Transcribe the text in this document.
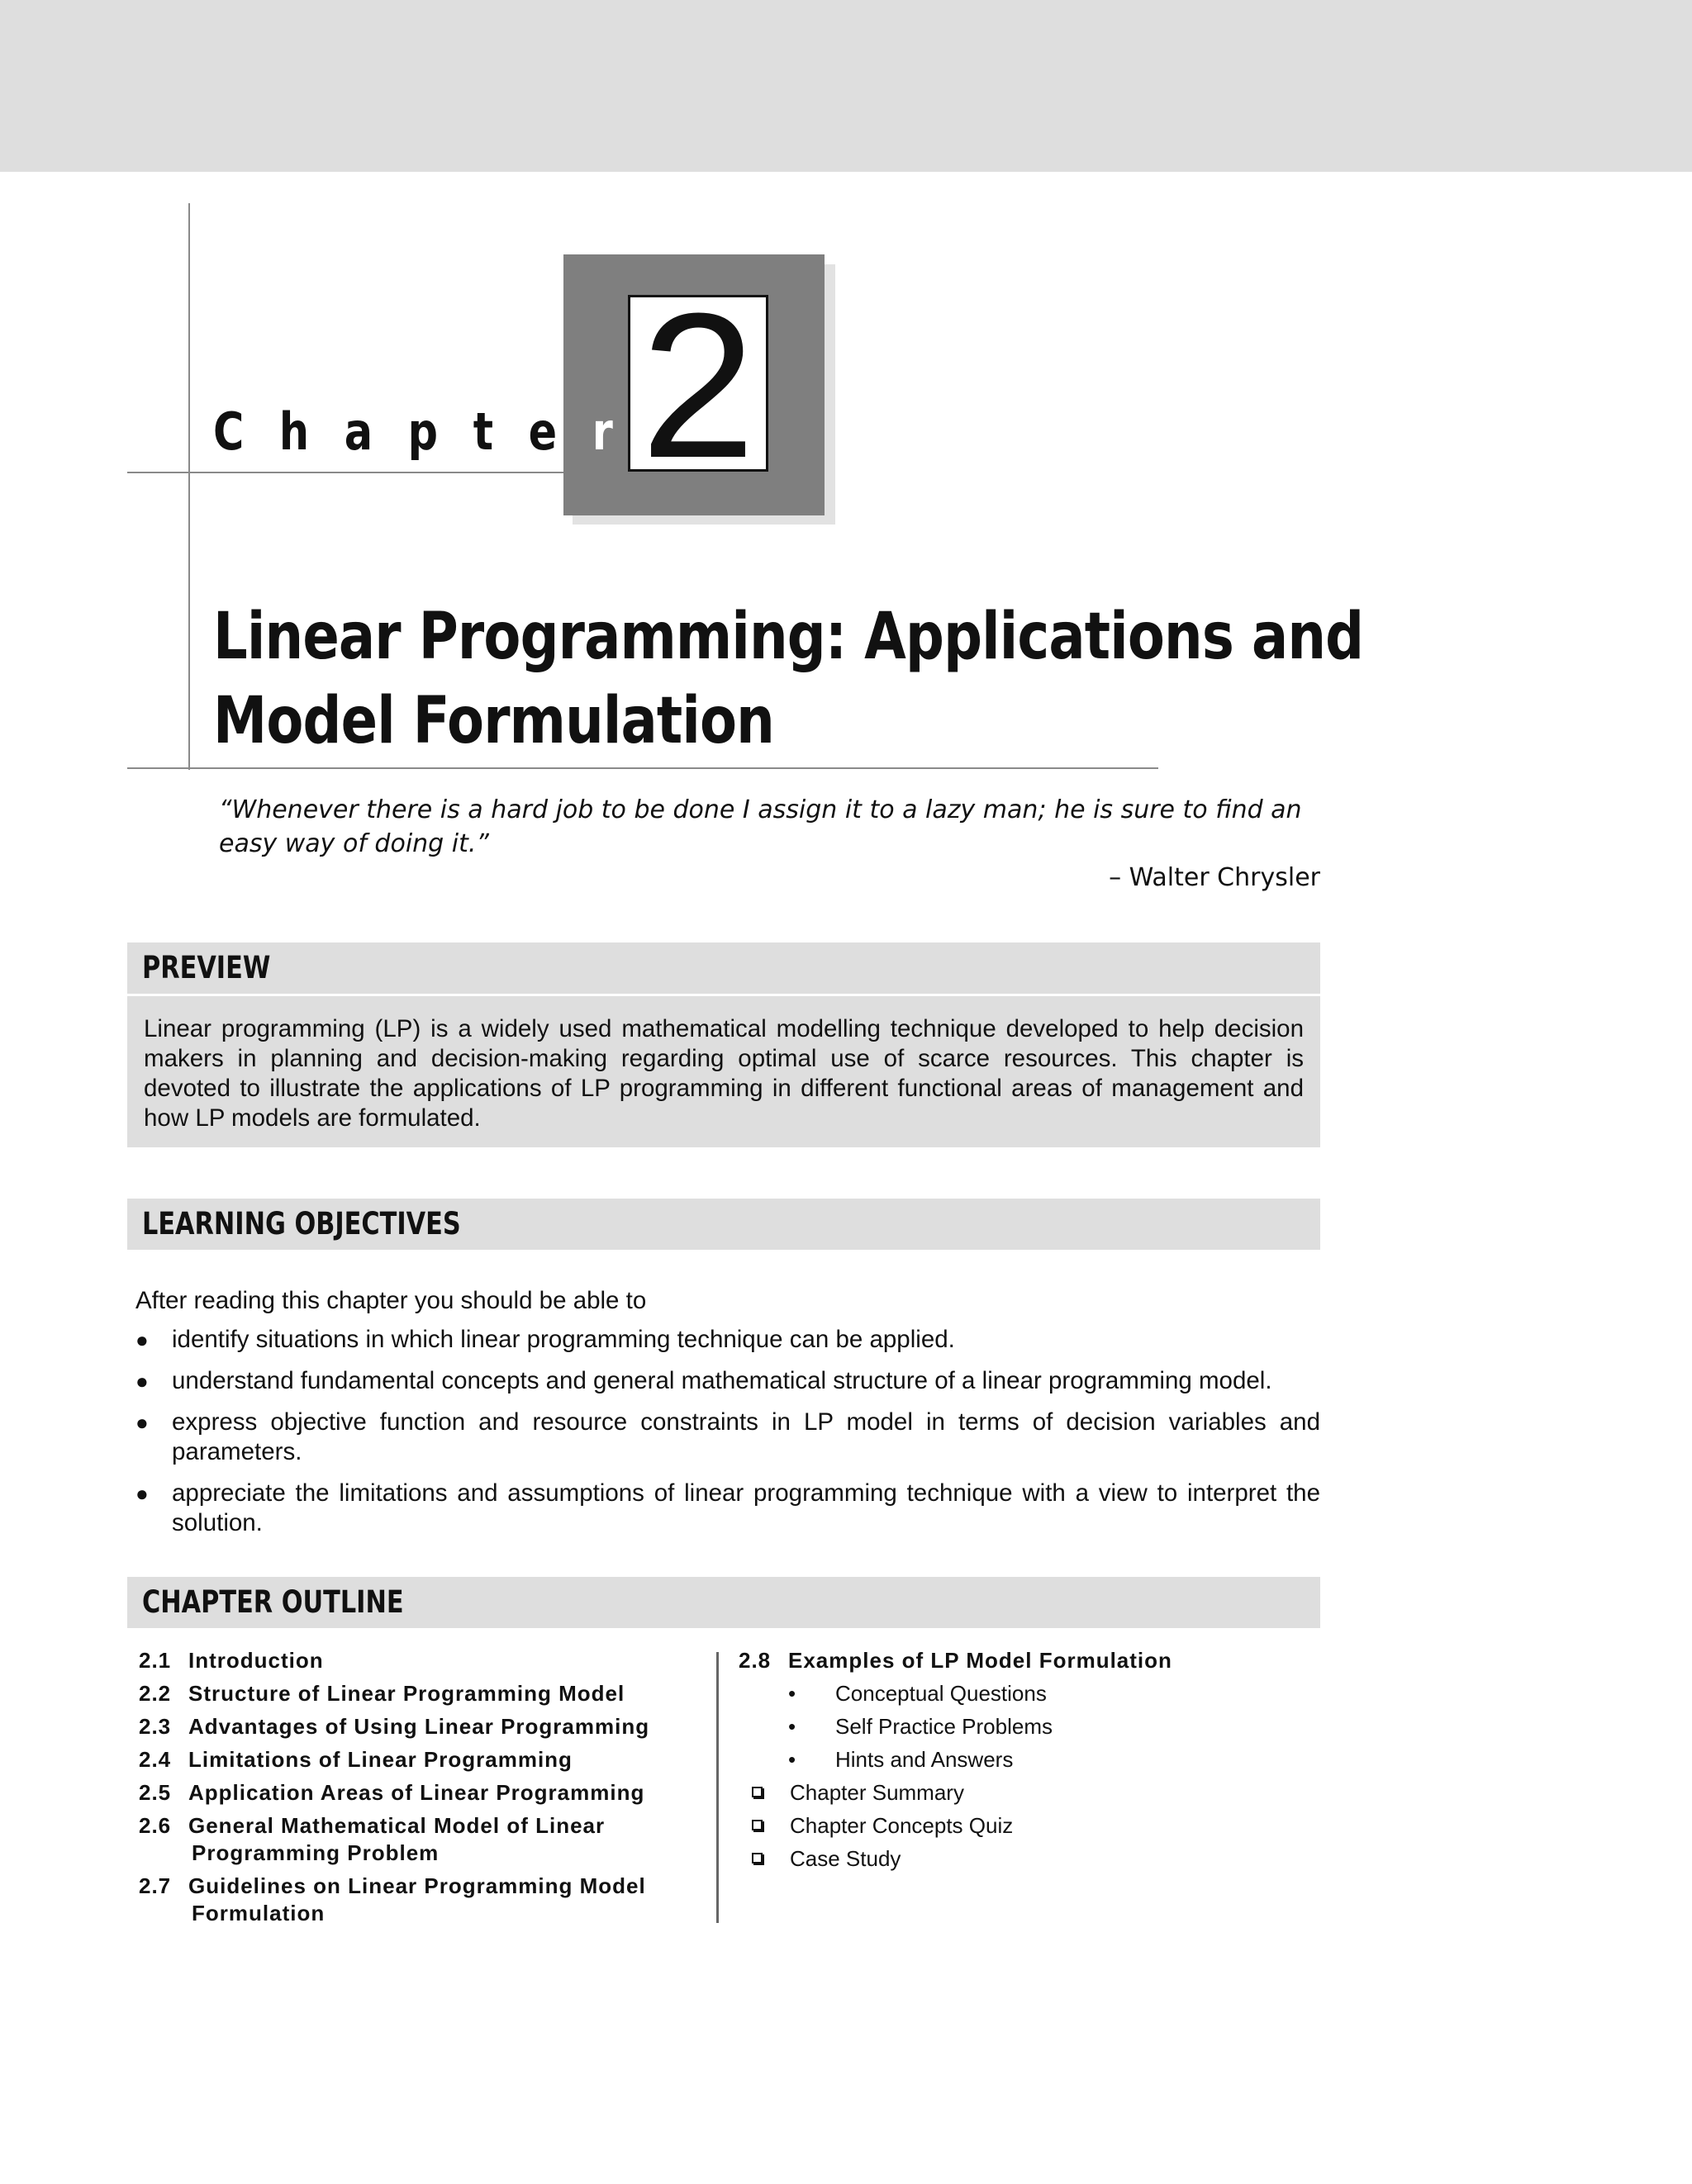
2
C h a p t e r
Linear Programming: Applications and
Model Formulation
“Whenever there is a hard job to be done I assign it to a lazy man; he is sure to find an easy way of doing it.”
– Walter Chrysler
PREVIEW
Linear programming (LP) is a widely used mathematical modelling technique developed to help decision makers in planning and decision-making regarding optimal use of scarce resources. This chapter is devoted to illustrate the applications of LP programming in different functional areas of management and how LP models are formulated.
LEARNING OBJECTIVES
After reading this chapter you should be able to
● identify situations in which linear programming technique can be applied.
● understand fundamental concepts and general mathematical structure of a linear programming model.
● express objective function and resource constraints in LP model in terms of decision variables and parameters.
● appreciate the limitations and assumptions of linear programming technique with a view to interpret the solution.
CHAPTER OUTLINE
2.1 Introduction
2.2 Structure of Linear Programming Model
2.3 Advantages of Using Linear Programming
2.4 Limitations of Linear Programming
2.5 Application Areas of Linear Programming
2.6 General Mathematical Model of Linear
Programming Problem
2.7 Guidelines on Linear Programming Model
Formulation
2.8 Examples of LP Model Formulation
• Conceptual Questions
• Self Practice Problems
• Hints and Answers
Chapter Summary
Chapter Concepts Quiz
Case Study
